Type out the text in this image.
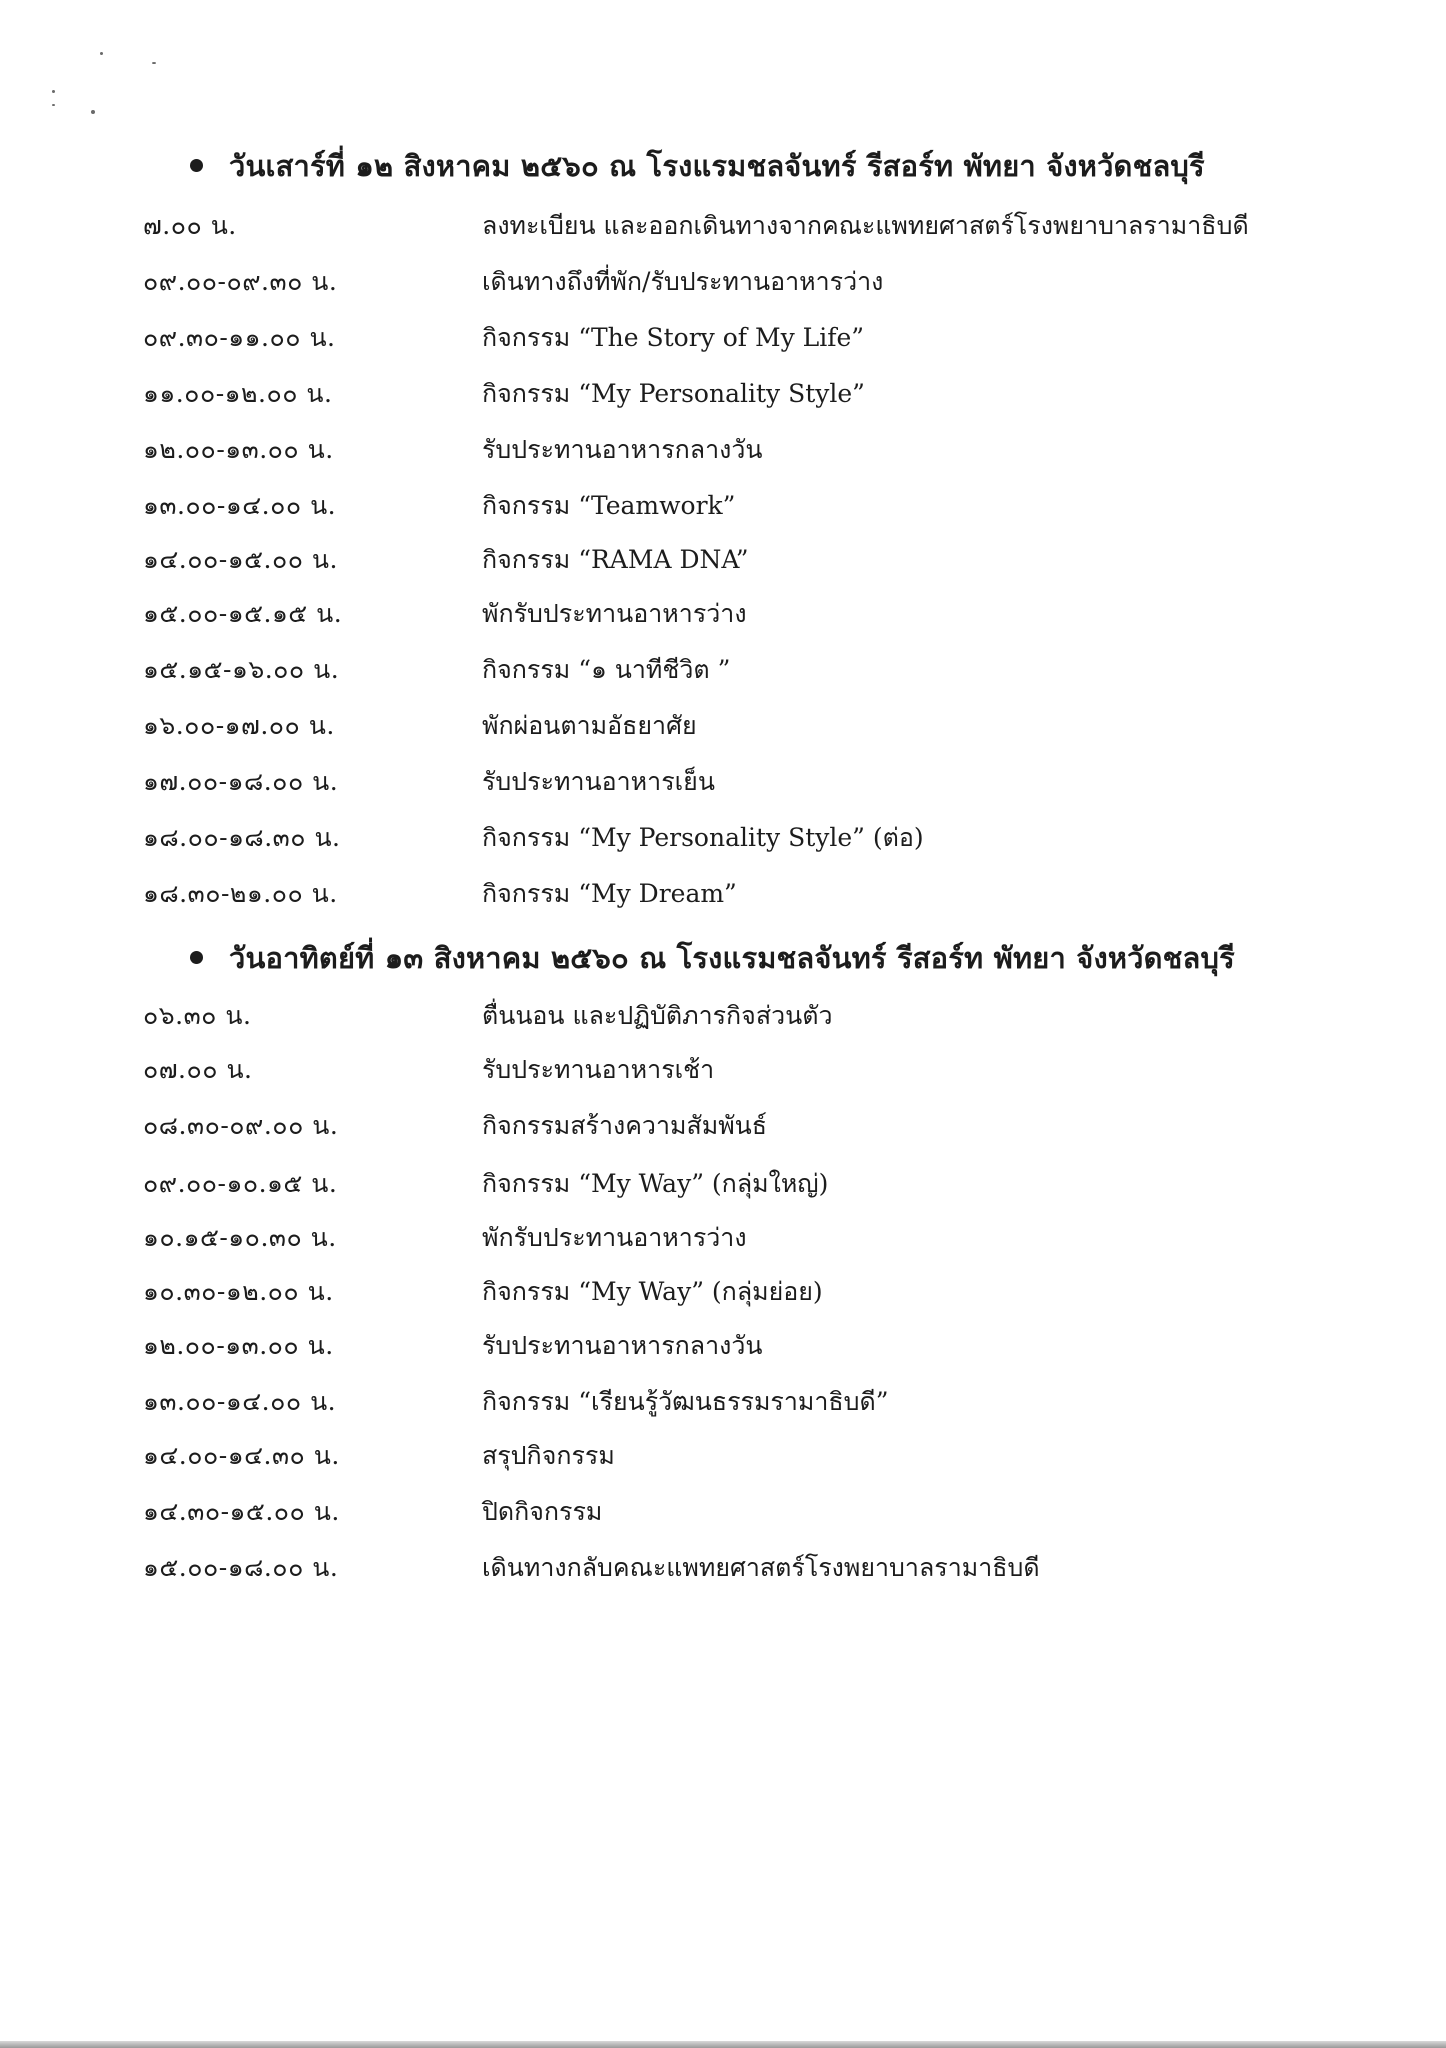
วันเสาร์ที่ ๑๒ สิงหาคม ๒๕๖๐ ณ โรงแรมชลจันทร์ รีสอร์ท พัทยา จังหวัดชลบุรี
๗.๐๐ น.	ลงทะเบียน และออกเดินทางจากคณะแพทยศาสตร์โรงพยาบาลรามาธิบดี
๐๙.๐๐-๐๙.๓๐ น.	เดินทางถึงที่พัก/รับประทานอาหารว่าง
๐๙.๓๐-๑๑.๐๐ น.	กิจกรรม “The Story of My Life”
๑๑.๐๐-๑๒.๐๐ น.	กิจกรรม “My Personality Style”
๑๒.๐๐-๑๓.๐๐ น.	รับประทานอาหารกลางวัน
๑๓.๐๐-๑๔.๐๐ น.	กิจกรรม “Teamwork”
๑๔.๐๐-๑๕.๐๐ น.	กิจกรรม “RAMA DNA”
๑๕.๐๐-๑๕.๑๕ น.	พักรับประทานอาหารว่าง
๑๕.๑๕-๑๖.๐๐ น.	กิจกรรม “๑ นาทีชีวิต ”
๑๖.๐๐-๑๗.๐๐ น.	พักผ่อนตามอัธยาศัย
๑๗.๐๐-๑๘.๐๐ น.	รับประทานอาหารเย็น
๑๘.๐๐-๑๘.๓๐ น.	กิจกรรม “My Personality Style” (ต่อ)
๑๘.๓๐-๒๑.๐๐ น.	กิจกรรม “My Dream”
วันอาทิตย์ที่ ๑๓ สิงหาคม ๒๕๖๐ ณ โรงแรมชลจันทร์ รีสอร์ท พัทยา จังหวัดชลบุรี
๐๖.๓๐ น.	ตื่นนอน และปฏิบัติภารกิจส่วนตัว
๐๗.๐๐ น.	รับประทานอาหารเช้า
๐๘.๓๐-๐๙.๐๐ น.	กิจกรรมสร้างความสัมพันธ์
๐๙.๐๐-๑๐.๑๕ น.	กิจกรรม “My Way” (กลุ่มใหญ่)
๑๐.๑๕-๑๐.๓๐ น.	พักรับประทานอาหารว่าง
๑๐.๓๐-๑๒.๐๐ น.	กิจกรรม “My Way” (กลุ่มย่อย)
๑๒.๐๐-๑๓.๐๐ น.	รับประทานอาหารกลางวัน
๑๓.๐๐-๑๔.๐๐ น.	กิจกรรม “เรียนรู้วัฒนธรรมรามาธิบดี”
๑๔.๐๐-๑๔.๓๐ น.	สรุปกิจกรรม
๑๔.๓๐-๑๕.๐๐ น.	ปิดกิจกรรม
๑๕.๐๐-๑๘.๐๐ น.	เดินทางกลับคณะแพทยศาสตร์โรงพยาบาลรามาธิบดี
